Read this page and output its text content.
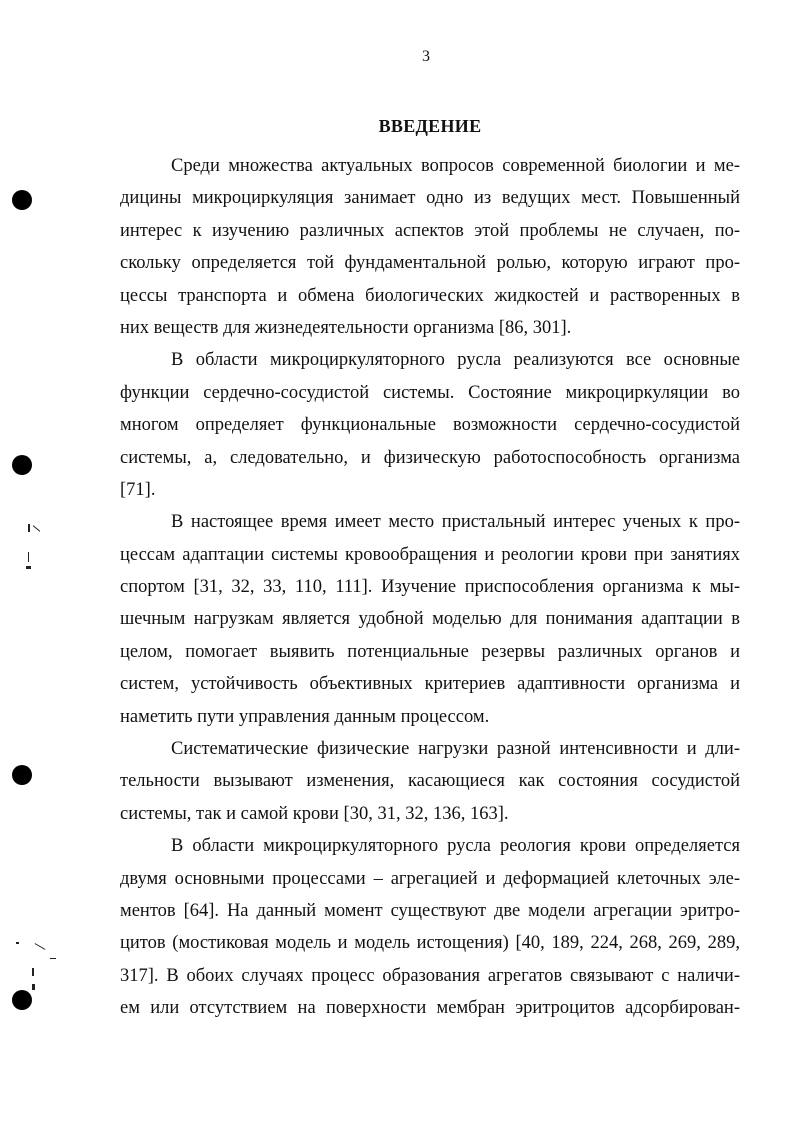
3
ВВЕДЕНИЕ
Среди множества актуальных вопросов современной биологии и ме-
дицины микроциркуляция занимает одно из ведущих мест. Повышенный
интерес к изучению различных аспектов этой проблемы не случаен, по-
скольку определяется той фундаментальной ролью, которую играют про-
цессы транспорта и обмена биологических жидкостей и растворенных в
них веществ для жизнедеятельности организма [86, 301].
В области микроциркуляторного русла реализуются все основные
функции сердечно-сосудистой системы. Состояние микроциркуляции во
многом определяет функциональные возможности сердечно-сосудистой
системы, а, следовательно, и физическую работоспособность организма
[71].
В настоящее время имеет место пристальный интерес ученых к про-
цессам адаптации системы кровообращения и реологии крови при занятиях
спортом [31, 32, 33, 110, 111]. Изучение приспособления организма к мы-
шечным нагрузкам является удобной моделью для понимания адаптации в
целом, помогает выявить потенциальные резервы различных органов и
систем, устойчивость объективных критериев адаптивности организма и
наметить пути управления данным процессом.
Систематические физические нагрузки разной интенсивности и дли-
тельности вызывают изменения, касающиеся как состояния сосудистой
системы, так и самой крови [30, 31, 32, 136, 163].
В области микроциркуляторного русла реология крови определяется
двумя основными процессами – агрегацией и деформацией клеточных эле-
ментов [64]. На данный момент существуют две модели агрегации эритро-
цитов (мостиковая модель и модель истощения) [40, 189, 224, 268, 269, 289,
317]. В обоих случаях процесс образования агрегатов связывают с наличи-
ем или отсутствием на поверхности мембран эритроцитов адсорбирован-
